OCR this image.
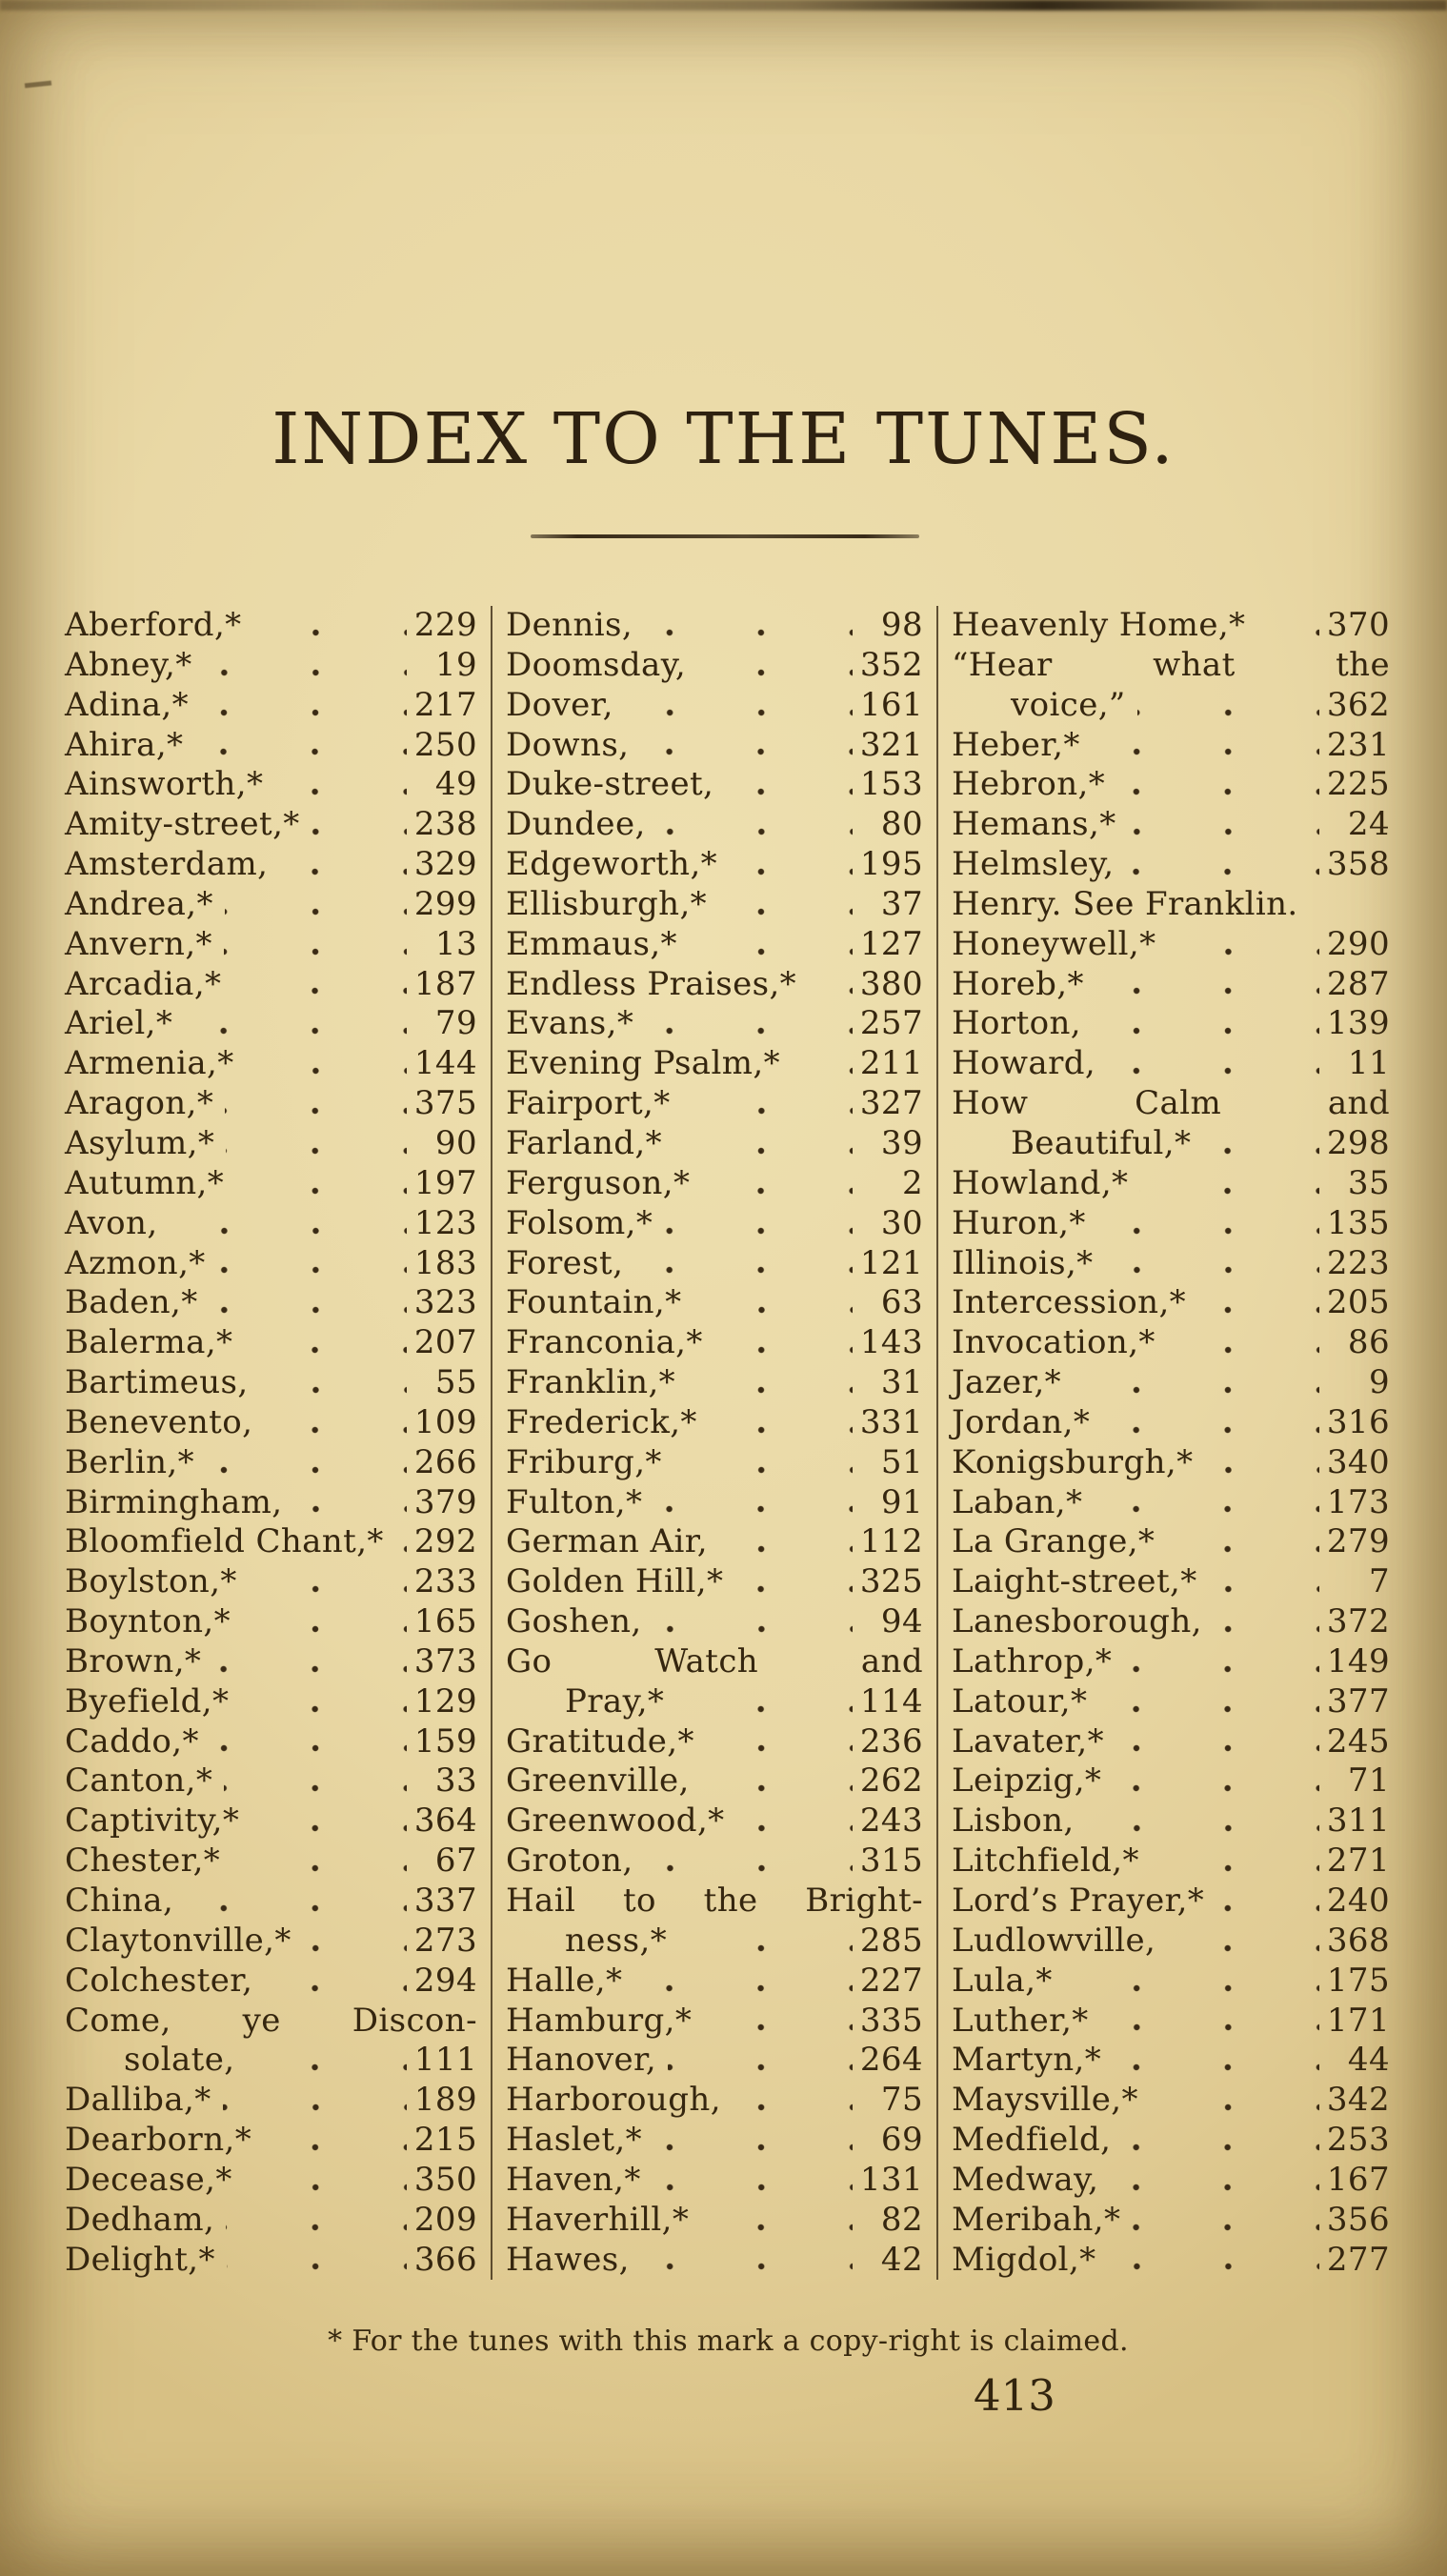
INDEX TO THE TUNES.
Aberford,*	229
Abney,*	19
Adina,*	217
Ahira,*	250
Ainsworth,*	49
Amity-street,*	238
Amsterdam,	329
Andrea,*	299
Anvern,*	13
Arcadia,*	187
Ariel,*	79
Armenia,*	144
Aragon,*	375
Asylum,*	90
Autumn,*	197
Avon,	123
Azmon,*	183
Baden,*	323
Balerma,*	207
Bartimeus,	55
Benevento,	109
Berlin,*	266
Birmingham,	379
Bloomfield Chant,* 292
Boylston,*	233
Boynton,*	165
Brown,*	373
Byefield,*	129
Caddo,*	159
Canton,*	33
Captivity,*	364
Chester,*	67
China,	337
Claytonville,*	273
Colchester,	294
Come, ye Discon-
solate,	111
Dalliba,*	189
Dearborn,*	215
Decease,*	350
Dedham,	209
Delight,*	366
Dennis,	98
Doomsday,	352
Dover,	161
Downs,	321
Duke-street,	153
Dundee,	80
Edgeworth,*	195
Ellisburgh,*	37
Emmaus,*	127
Endless Praises,* 380
Evans,*	257
Evening Psalm,* 211
Fairport,*	327
Farland,*	39
Ferguson,*	2
Folsom,*	30
Forest,	121
Fountain,*	63
Franconia,*	143
Franklin,*	31
Frederick,*	331
Friburg,*	51
Fulton,*	91
German Air,	112
Golden Hill,*	325
Goshen,	94
Go Watch and
Pray,*	114
Gratitude,*	236
Greenville,	262
Greenwood,*	243
Groton,	315
Hail to the Bright-
ness,*	285
Halle,*	227
Hamburg,*	335
Hanover,	264
Harborough,	75
Haslet,*	69
Haven,*	131
Haverhill,*	82
Hawes,	42
Heavenly Home,*	370
“Hear what the
voice,”	362
Heber,*	231
Hebron,*	225
Hemans,*	24
Helmsley,	358
Henry. See Franklin.
Honeywell,*	290
Horeb,*	287
Horton,	139
Howard,	11
How Calm and
Beautiful,*	298
Howland,*	35
Huron,*	135
Illinois,*	223
Intercession,*	205
Invocation,*	86
Jazer,*	9
Jordan,*	316
Konigsburgh,*	340
Laban,*	173
La Grange,*	279
Laight-street,*	7
Lanesborough,	372
Lathrop,*	149
Latour,*	377
Lavater,*	245
Leipzig,*	71
Lisbon,	311
Litchfield,*	271
Lord’s Prayer,*	240
Ludlowville,	368
Lula,*	175
Luther,*	171
Martyn,*	44
Maysville,*	342
Medfield,	253
Medway,	167
Meribah,*	356
Migdol,*	277
* For the tunes with this mark a copy-right is claimed.
413
